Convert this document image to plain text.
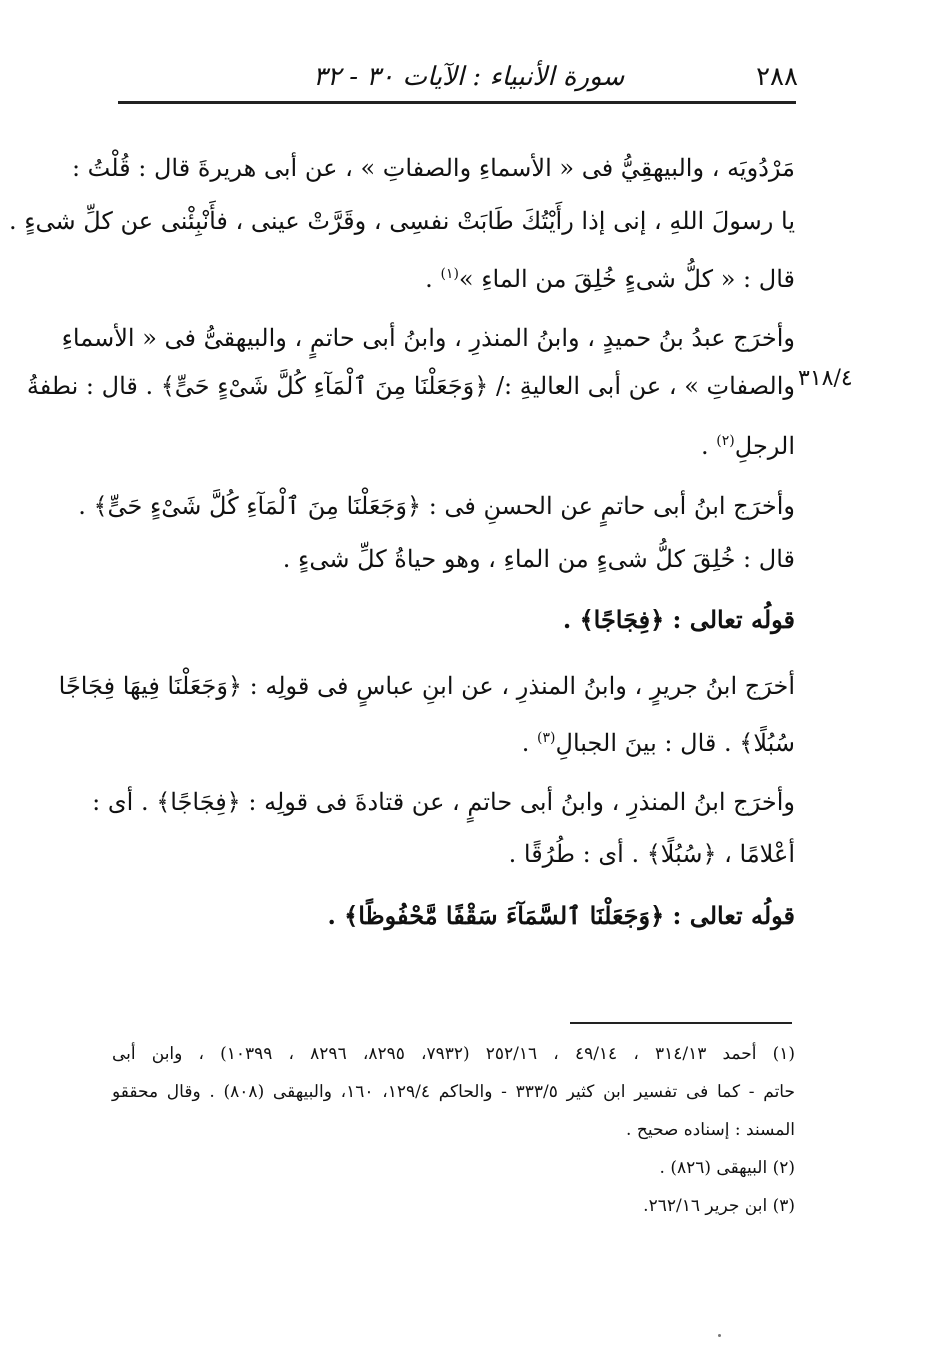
٢٨٨
سورة الأنبياء : الآيات ٣٠ - ٣٢
مَرْدُويَه ، والبيهقِيُّ فى « الأسماءِ والصفاتِ » ، عن أبى هريرةَ قال : قُلْتُ :
يا رسولَ اللهِ ، إنى إذا رأَيْتُكَ طَابَتْ نفسِى ، وقَرَّتْ عينى ، فأَنْبِئْنى عن كلِّ شىءٍ .
قال : « كلُّ شىءٍ خُلِقَ من الماءِ »$^{(١)}$ .
وأخرَج عبدُ بنُ حميدٍ ، وابنُ المنذرِ ، وابنُ أبى حاتمٍ ، والبيهقىُّ فى « الأسماءِ
٣١٨/٤
والصفاتِ » ، عن أبى العاليةِ :/ ﴿وَجَعَلْنَا مِنَ ٱلْمَآءِ كُلَّ شَىْءٍ حَىٍّ﴾ . قال : نطفةُ
الرجلِ$^{(٢)}$ .
وأخرَج ابنُ أبى حاتمٍ عن الحسنِ فى : ﴿وَجَعَلْنَا مِنَ ٱلْمَآءِ كُلَّ شَىْءٍ حَىٍّ﴾ .
قال : خُلِقَ كلُّ شىءٍ من الماءِ ، وهو حياةُ كلِّ شىءٍ .
قولُه تعالى : ﴿فِجَاجًا﴾ .
أخرَج ابنُ جريرٍ ، وابنُ المنذرِ ، عن ابنِ عباسٍ فى قولِه : ﴿وَجَعَلْنَا فِيهَا فِجَاجًا
سُبُلًا﴾ . قال : بينَ الجبالِ$^{(٣)}$ .
وأخرَج ابنُ المنذرِ ، وابنُ أبى حاتمٍ ، عن قتادةَ فى قولِه : ﴿فِجَاجًا﴾ . أى :
أعْلامًا ، ﴿سُبُلًا﴾ . أى : طُرُقًا .
قولُه تعالى : ﴿وَجَعَلْنَا ٱلسَّمَآءَ سَقْفًا مَّحْفُوظًا﴾ .
(١) أحمد ٣١٤/١٣ ، ٤٩/١٤ ، ٢٥٢/١٦ (٧٩٣٢، ٨٢٩٥، ٨٢٩٦ ، ١٠٣٩٩) ، وابن أبى
حاتم - كما فى تفسير ابن كثير ٣٣٣/٥ - والحاكم ١٢٩/٤، ١٦٠، والبيهقى (٨٠٨) . وقال محققو
المسند : إسناده صحيح .
(٢) البيهقى (٨٢٦) .
(٣) ابن جرير ٢٦٢/١٦.
